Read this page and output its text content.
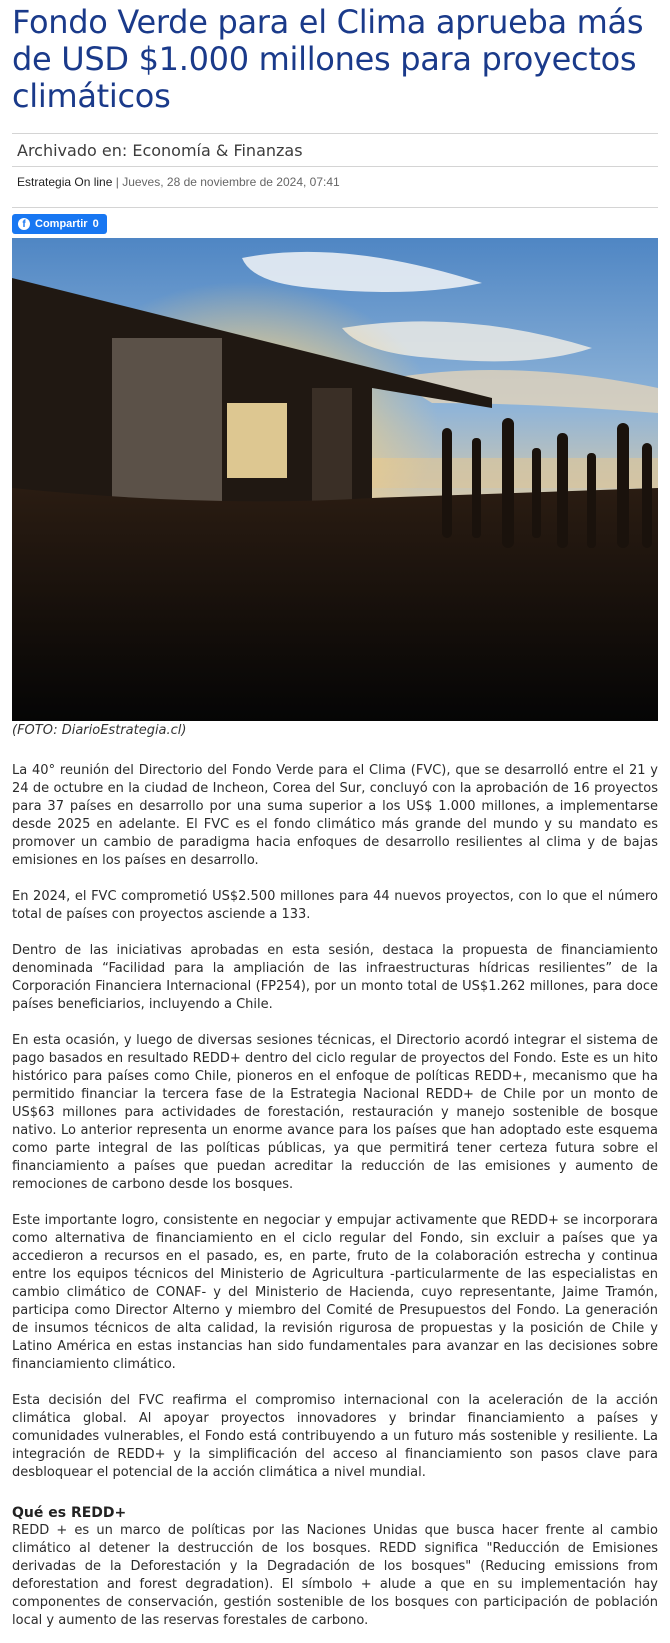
Fondo Verde para el Clima aprueba más de USD $1.000 millones para proyectos climáticos
Archivado en: Economía & Finanzas
Estrategia On line | Jueves, 28 de noviembre de 2024, 07:41
f Compartir 0
(FOTO: DiarioEstrategia.cl)

La 40° reunión del Directorio del Fondo Verde para el Clima (FVC), que se desarrolló entre el 21 y 24 de octubre en la ciudad de Incheon, Corea del Sur, concluyó con la aprobación de 16 proyectos para 37 países en desarrollo por una suma superior a los US$ 1.000 millones, a implementarse desde 2025 en adelante. El FVC es el fondo climático más grande del mundo y su mandato es promover un cambio de paradigma hacia enfoques de desarrollo resilientes al clima y de bajas emisiones en los países en desarrollo.

En 2024, el FVC comprometió US$2.500 millones para 44 nuevos proyectos, con lo que el número total de países con proyectos asciende a 133.

Dentro de las iniciativas aprobadas en esta sesión, destaca la propuesta de financiamiento denominada “Facilidad para la ampliación de las infraestructuras hídricas resilientes” de la Corporación Financiera Internacional (FP254), por un monto total de US$1.262 millones, para doce países beneficiarios, incluyendo a Chile.

En esta ocasión, y luego de diversas sesiones técnicas, el Directorio acordó integrar el sistema de pago basados en resultado REDD+ dentro del ciclo regular de proyectos del Fondo. Este es un hito histórico para países como Chile, pioneros en el enfoque de políticas REDD+, mecanismo que ha permitido financiar la tercera fase de la Estrategia Nacional REDD+ de Chile por un monto de US$63 millones para actividades de forestación, restauración y manejo sostenible de bosque nativo. Lo anterior representa un enorme avance para los países que han adoptado este esquema como parte integral de las políticas públicas, ya que permitirá tener certeza futura sobre el financiamiento a países que puedan acreditar la reducción de las emisiones y aumento de remociones de carbono desde los bosques.

Este importante logro, consistente en negociar y empujar activamente que REDD+ se incorporara como alternativa de financiamiento en el ciclo regular del Fondo, sin excluir a países que ya accedieron a recursos en el pasado, es, en parte, fruto de la colaboración estrecha y continua entre los equipos técnicos del Ministerio de Agricultura -particularmente de las especialistas en cambio climático de CONAF- y del Ministerio de Hacienda, cuyo representante, Jaime Tramón, participa como Director Alterno y miembro del Comité de Presupuestos del Fondo. La generación de insumos técnicos de alta calidad, la revisión rigurosa de propuestas y la posición de Chile y Latino América en estas instancias han sido fundamentales para avanzar en las decisiones sobre financiamiento climático.

Esta decisión del FVC reafirma el compromiso internacional con la aceleración de la acción climática global. Al apoyar proyectos innovadores y brindar financiamiento a países y comunidades vulnerables, el Fondo está contribuyendo a un futuro más sostenible y resiliente. La integración de REDD+ y la simplificación del acceso al financiamiento son pasos clave para desbloquear el potencial de la acción climática a nivel mundial.

Qué es REDD+

REDD + es un marco de políticas por las Naciones Unidas que busca hacer frente al cambio climático al detener la destrucción de los bosques. REDD significa "Reducción de Emisiones derivadas de la Deforestación y la Degradación de los bosques" (Reducing emissions from deforestation and forest degradation). El símbolo + alude a que en su implementación hay componentes de conservación, gestión sostenible de los bosques con participación de población local y aumento de las reservas forestales de carbono.
